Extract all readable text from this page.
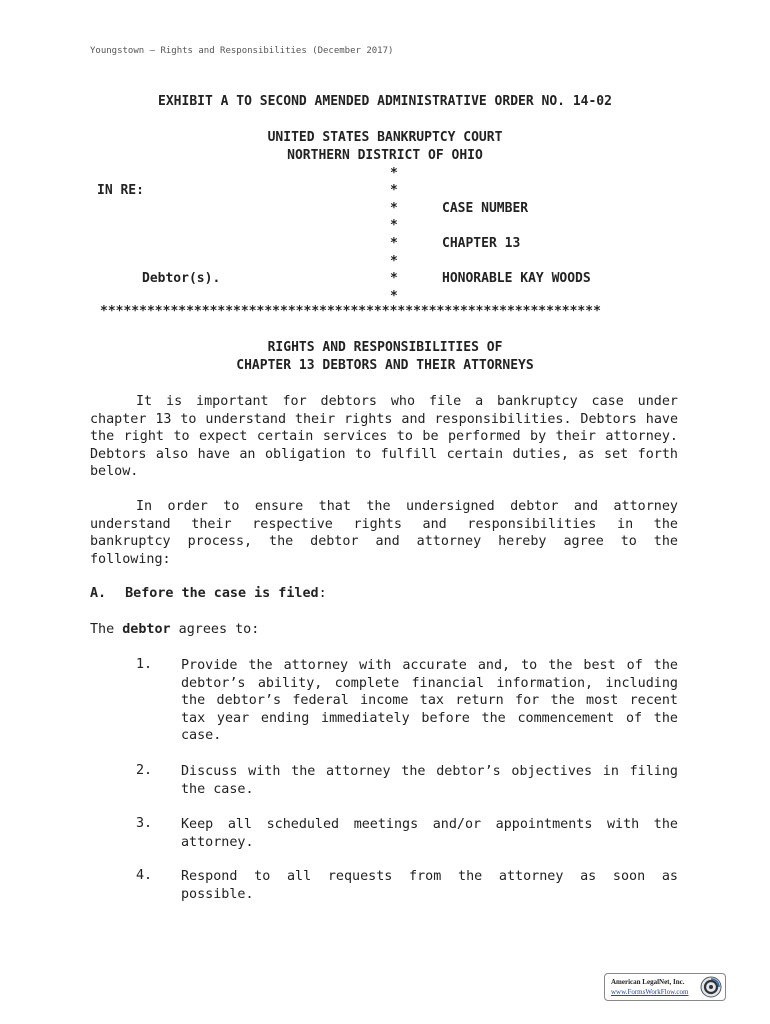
Youngstown – Rights and Responsibilities (December 2017)
EXHIBIT A TO SECOND AMENDED ADMINISTRATIVE ORDER NO. 14-02
UNITED STATES BANKRUPTCY COURT
NORTHERN DISTRICT OF OHIO
*
*
*
*
*
*
*
*
IN RE:
Debtor(s).
CASE NUMBER
CHAPTER 13
HONORABLE KAY WOODS
****************************************************************
RIGHTS AND RESPONSIBILITIES OF
CHAPTER 13 DEBTORS AND THEIR ATTORNEYS
It is important for debtors who file a bankruptcy case under chapter 13 to understand their rights and responsibilities. Debtors have the right to expect certain services to be performed by their attorney. Debtors also have an obligation to fulfill certain duties, as set forth below.
In order to ensure that the undersigned debtor and attorney understand their respective rights and responsibilities in the bankruptcy process, the debtor and attorney hereby agree to the following:
A. Before the case is filed:
The debtor agrees to:
1. Provide the attorney with accurate and, to the best of the debtor’s ability, complete financial information, including the debtor’s federal income tax return for the most recent tax year ending immediately before the commencement of the case.
2. Discuss with the attorney the debtor’s objectives in filing the case.
3. Keep all scheduled meetings and/or appointments with the attorney.
4. Respond to all requests from the attorney as soon as possible.
American LegalNet, Inc.
www.FormsWorkFlow.com
